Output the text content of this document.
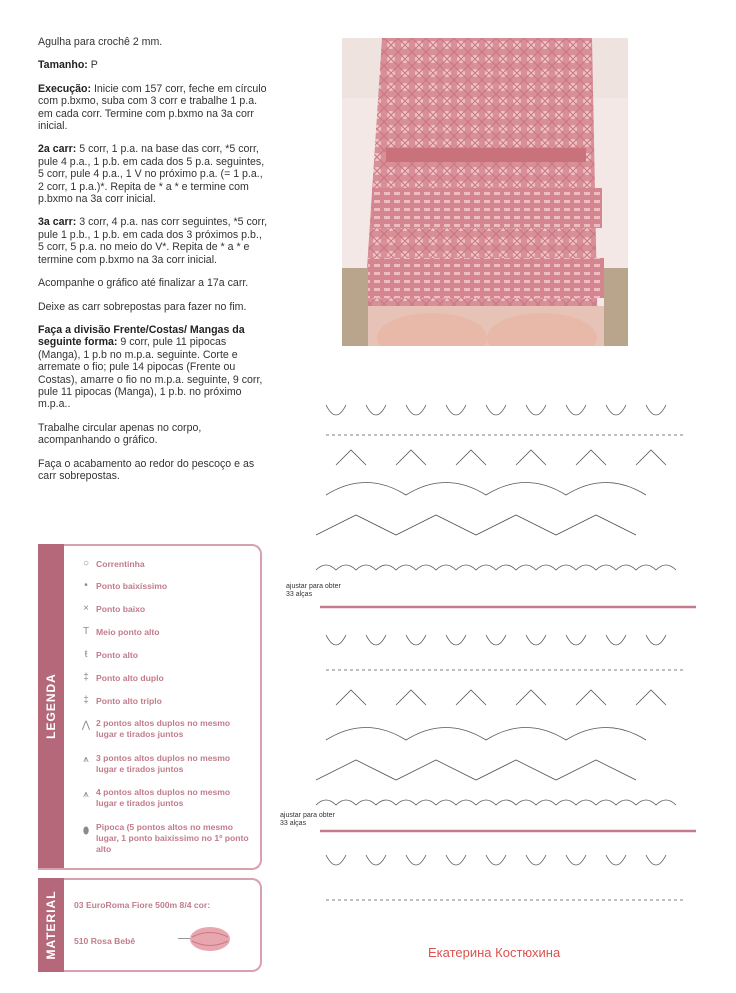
Agulha para crochê 2 mm.

Tamanho: P

Execução: Inicie com 157 corr, feche em círculo com p.bxmo, suba com 3 corr e trabalhe 1 p.a. em cada corr. Termine com p.bxmo na 3a corr inicial.

2a carr: 5 corr, 1 p.a. na base das corr, *5 corr, pule 4 p.a., 1 p.b. em cada dos 5 p.a. seguintes, 5 corr, pule 4 p.a., 1 V no próximo p.a. (= 1 p.a., 2 corr, 1 p.a.)*. Repita de * a * e termine com p.bxmo na 3a corr inicial.

3a carr: 3 corr, 4 p.a. nas corr seguintes, *5 corr, pule 1 p.b., 1 p.b. em cada dos 3 próximos p.b., 5 corr, 5 p.a. no meio do V*. Repita de * a * e termine com p.bxmo na 3a corr inicial.

Acompanhe o gráfico até finalizar a 17a carr.

Deixe as carr sobrepostas para fazer no fim.

Faça a divisão Frente/Costas/ Mangas da seguinte forma: 9 corr, pule 11 pipocas (Manga), 1 p.b no m.p.a. seguinte. Corte e arremate o fio; pule 14 pipocas (Frente ou Costas), amarre o fio no m.p.a. seguinte, 9 corr, pule 11 pipocas (Manga), 1 p.b. no próximo m.p.a..

Trabalhe circular apenas no corpo, acompanhando o gráfico.

Faça o acabamento ao redor do pescoço e as carr sobrepostas.

LEGENDA
○ Correntinha
• Ponto baixíssimo
× Ponto baixo
T Meio ponto alto
ŧ	Ponto alto
‡ Ponto alto duplo
‡ Ponto alto triplo
⋀ 2 pontos altos duplos no mesmo lugar e tirados juntos
⩚ 3 pontos altos duplos no mesmo lugar e tirados juntos
⩚ 4 pontos altos duplos no mesmo lugar e tirados juntos
⬮ Pipoca (5 pontos altos no mesmo lugar, 1 ponto baixíssimo no 1º ponto alto
MATERIAL 03 EuroRoma Fiore 500m 8/4 cor:
510 Rosa Bebê
ajustar para obter 33 alças
ajustar para obter 33 alças
Екатерина Костюхина
